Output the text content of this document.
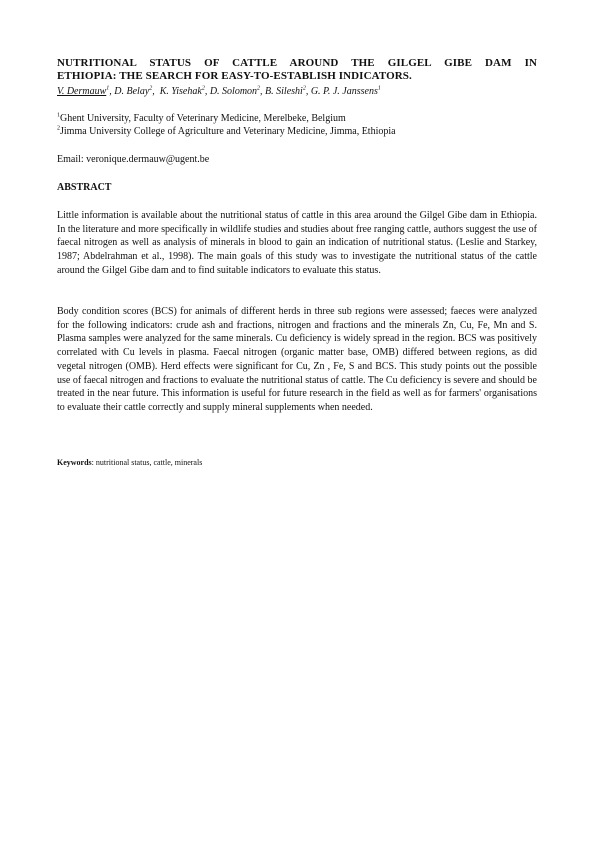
NUTRITIONAL STATUS OF CATTLE AROUND THE GILGEL GIBE DAM IN
ETHIOPIA: THE SEARCH FOR EASY-TO-ESTABLISH INDICATORS.
V. Dermauw$^1$, D. Belay$^2$,  K. Yisehak$^2$, D. Solomon$^2$, B. Sileshi$^2$, G. P. J. Janssens$^1$
$^1$Ghent University, Faculty of Veterinary Medicine, Merelbeke, Belgium
$^2$Jimma University College of Agriculture and Veterinary Medicine, Jimma, Ethiopia
Email: veronique.dermauw@ugent.be
ABSTRACT

Little information is available about the nutritional status of cattle in this area around the Gilgel Gibe dam in Ethiopia. In the literature and more specifically in wildlife studies and studies about free ranging cattle, authors suggest the use of faecal nitrogen as well as analysis of minerals in blood to gain an indication of nutritional status. (Leslie and Starkey, 1987; Abdelrahman et al., 1998). The main goals of this study was to investigate the nutritional status of the cattle around the Gilgel Gibe dam and to find suitable indicators to evaluate this status.

Body condition scores (BCS) for animals of different herds in three sub regions were assessed; faeces were analyzed for the following indicators: crude ash and fractions, nitrogen and fractions and the minerals Zn, Cu, Fe, Mn and S. Plasma samples were analyzed for the same minerals. Cu deficiency is widely spread in the region. BCS was positively correlated with Cu levels in plasma. Faecal nitrogen (organic matter base, OMB) differed between regions, as did vegetal nitrogen (OMB). Herd effects were significant for Cu, Zn , Fe, S and BCS. This study points out the possible use of faecal nitrogen and fractions to evaluate the nutritional status of cattle. The Cu deficiency is severe and should be treated in the near future. This information is useful for future research in the field as well as for farmers' organisations to evaluate their cattle correctly and supply mineral supplements when needed.

Keywords: nutritional status, cattle, minerals
